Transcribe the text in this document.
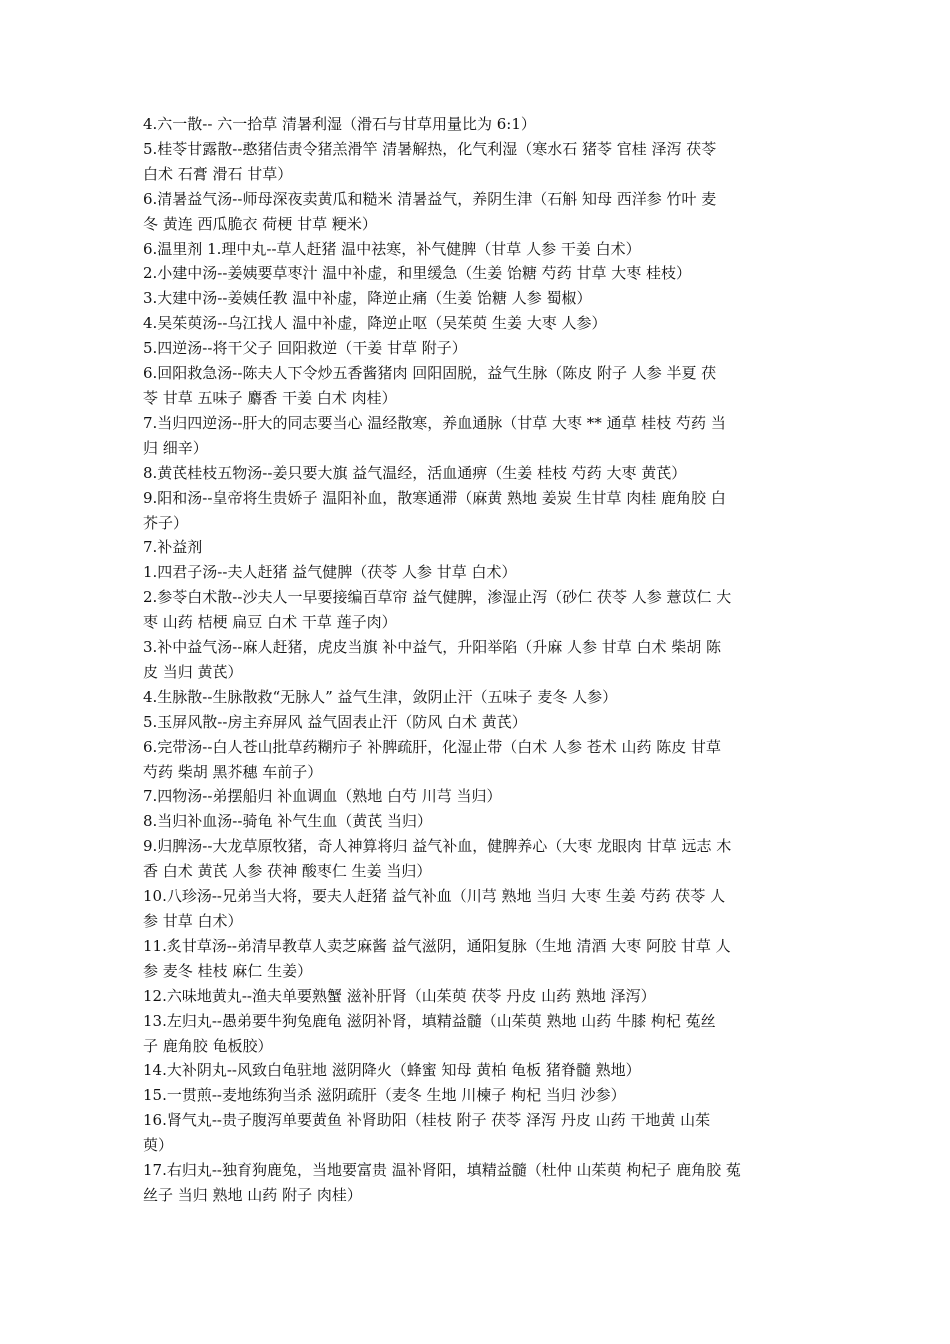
4.六一散-- 六一拾草 清暑利湿（滑石与甘草用量比为 6:1）

5.桂苓甘露散--憨猪佶责令猪羔滑竿 清暑解热，化气利湿（寒水石 猪苓 官桂 泽泻 茯苓

白术 石膏 滑石 甘草）

6.清暑益气汤--师母深夜卖黄瓜和糙米 清暑益气，养阴生津（石斛 知母 西洋参 竹叶 麦

冬 黄连 西瓜脆衣 荷梗 甘草 粳米）

6.温里剂 1.理中丸--草人赶猪 温中祛寒，补气健脾（甘草 人参 干姜 白术）

2.小建中汤--姜姨要草枣汁 温中补虚，和里缓急（生姜 饴糖 芍药 甘草 大枣 桂枝）

3.大建中汤--姜姨任教 温中补虚，降逆止痛（生姜 饴糖 人参 蜀椒）

4.吴茱萸汤--乌江找人 温中补虚，降逆止呕（吴茱萸 生姜 大枣 人参）

5.四逆汤--将干父子 回阳救逆（干姜 甘草 附子）

6.回阳救急汤--陈夫人下令炒五香酱猪肉 回阳固脱，益气生脉（陈皮 附子 人参 半夏 茯

苓 甘草 五味子 麝香 干姜 白术 肉桂）

7.当归四逆汤--肝大的同志要当心 温经散寒，养血通脉（甘草 大枣 ** 通草 桂枝 芍药 当

归 细辛）

8.黄芪桂枝五物汤--姜只要大旗 益气温经，活血通痹（生姜 桂枝 芍药 大枣 黄芪）

9.阳和汤--皇帝将生贵娇子 温阳补血，散寒通滞（麻黄 熟地 姜炭 生甘草 肉桂 鹿角胶 白

芥子）

7.补益剂

1.四君子汤--夫人赶猪 益气健脾（茯苓 人参 甘草 白术）

2.参苓白术散--沙夫人一早要接编百草帘 益气健脾，渗湿止泻（砂仁 茯苓 人参 薏苡仁 大

枣 山药 桔梗 扁豆 白术 干草 莲子肉）

3.补中益气汤--麻人赶猪，虎皮当旗 补中益气，升阳举陷（升麻 人参 甘草 白术 柴胡 陈

皮 当归 黄芪）

4.生脉散--生脉散救“无脉人” 益气生津，敛阴止汗（五味子 麦冬 人参）

5.玉屏风散--房主弃屏风 益气固表止汗（防风 白术 黄芪）

6.完带汤--白人苍山批草药糊疖子 补脾疏肝，化湿止带（白术 人参 苍术 山药 陈皮 甘草

芍药 柴胡 黑芥穗 车前子）

7.四物汤--弟摆船归 补血调血（熟地 白芍 川芎 当归）

8.当归补血汤--骑龟 补气生血（黄芪 当归）

9.归脾汤--大龙草原牧猪，奇人神算将归 益气补血，健脾养心（大枣 龙眼肉 甘草 远志 木

香 白术 黄芪 人参 茯神 酸枣仁 生姜 当归）

10.八珍汤--兄弟当大将，要夫人赶猪 益气补血（川芎 熟地 当归 大枣 生姜 芍药 茯苓 人

参 甘草 白术）

11.炙甘草汤--弟清早教草人卖芝麻酱 益气滋阴，通阳复脉（生地 清酒 大枣 阿胶 甘草 人

参 麦冬 桂枝 麻仁 生姜）

12.六味地黄丸--渔夫单要熟蟹 滋补肝肾（山茱萸 茯苓 丹皮 山药 熟地 泽泻）

13.左归丸--愚弟要牛狗兔鹿龟 滋阴补肾，填精益髓（山茱萸 熟地 山药 牛膝 枸杞 菟丝

子 鹿角胶 龟板胶）

14.大补阴丸--风致白龟驻地 滋阴降火（蜂蜜 知母 黄柏 龟板 猪脊髓 熟地）

15.一贯煎--麦地练狗当杀 滋阴疏肝（麦冬 生地 川楝子 枸杞 当归 沙参）

16.肾气丸--贵子腹泻单要黄鱼 补肾助阳（桂枝 附子 茯苓 泽泻 丹皮 山药 干地黄 山茱

萸）

17.右归丸--独育狗鹿兔，当地要富贵 温补肾阳，填精益髓（杜仲 山茱萸 枸杞子 鹿角胶 菟

丝子 当归 熟地 山药 附子 肉桂）
